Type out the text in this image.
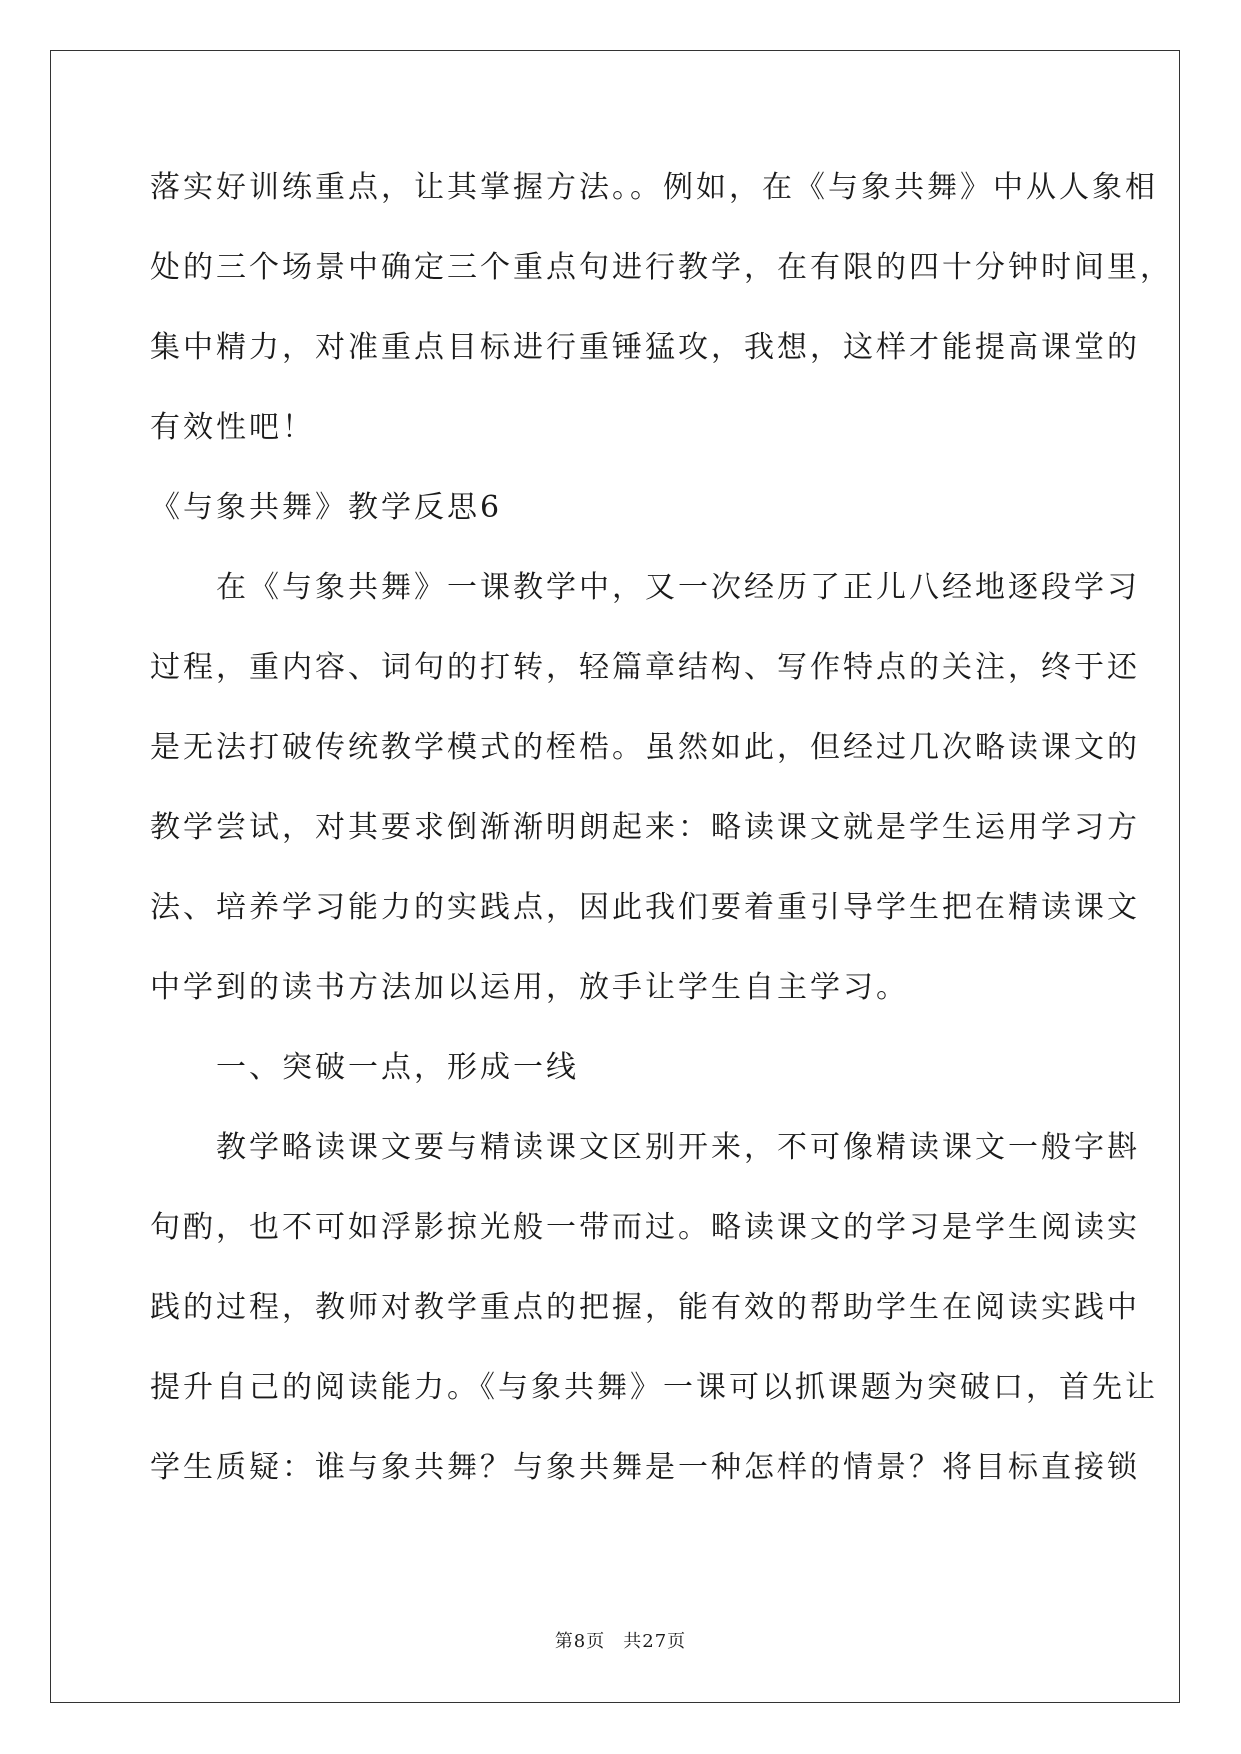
落实好训练重点，让其掌握方法。。例如，在《与象共舞》中从人象相
处的三个场景中确定三个重点句进行教学，在有限的四十分钟时间里，
集中精力，对准重点目标进行重锤猛攻，我想，这样才能提高课堂的
有效性吧！
《与象共舞》教学反思6
　　在《与象共舞》一课教学中，又一次经历了正儿八经地逐段学习
过程，重内容、词句的打转，轻篇章结构、写作特点的关注，终于还
是无法打破传统教学模式的桎梏。虽然如此，但经过几次略读课文的
教学尝试，对其要求倒渐渐明朗起来：略读课文就是学生运用学习方
法、培养学习能力的实践点，因此我们要着重引导学生把在精读课文
中学到的读书方法加以运用，放手让学生自主学习。
　　一、突破一点，形成一线
　　教学略读课文要与精读课文区别开来，不可像精读课文一般字斟
句酌，也不可如浮影掠光般一带而过。略读课文的学习是学生阅读实
践的过程，教师对教学重点的把握，能有效的帮助学生在阅读实践中
提升自己的阅读能力。《与象共舞》一课可以抓课题为突破口，首先让
学生质疑：谁与象共舞？与象共舞是一种怎样的情景？将目标直接锁
第8页 共27页
